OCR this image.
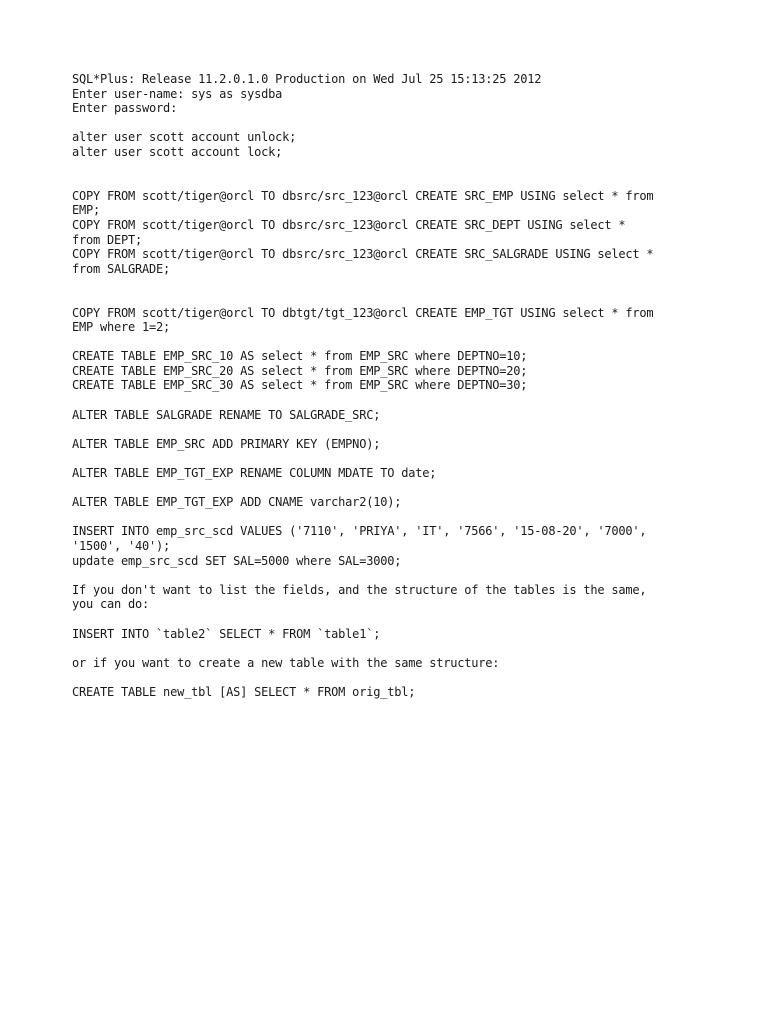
SQL*Plus: Release 11.2.0.1.0 Production on Wed Jul 25 15:13:25 2012
Enter user-name: sys as sysdba
Enter password:
alter user scott account unlock;
alter user scott account lock;
COPY FROM scott/tiger@orcl TO dbsrc/src_123@orcl CREATE SRC_EMP USING select * from
EMP;
COPY FROM scott/tiger@orcl TO dbsrc/src_123@orcl CREATE SRC_DEPT USING select *
from DEPT;
COPY FROM scott/tiger@orcl TO dbsrc/src_123@orcl CREATE SRC_SALGRADE USING select *
from SALGRADE;
COPY FROM scott/tiger@orcl TO dbtgt/tgt_123@orcl CREATE EMP_TGT USING select * from
EMP where 1=2;
CREATE TABLE EMP_SRC_10 AS select * from EMP_SRC where DEPTNO=10;
CREATE TABLE EMP_SRC_20 AS select * from EMP_SRC where DEPTNO=20;
CREATE TABLE EMP_SRC_30 AS select * from EMP_SRC where DEPTNO=30;
ALTER TABLE SALGRADE RENAME TO SALGRADE_SRC;
ALTER TABLE EMP_SRC ADD PRIMARY KEY (EMPNO);
ALTER TABLE EMP_TGT_EXP RENAME COLUMN MDATE TO date;
ALTER TABLE EMP_TGT_EXP ADD CNAME varchar2(10);
INSERT INTO emp_src_scd VALUES ('7110', 'PRIYA', 'IT', '7566', '15-08-20', '7000',
'1500', '40');
update emp_src_scd SET SAL=5000 where SAL=3000;
If you don't want to list the fields, and the structure of the tables is the same,
you can do:
INSERT INTO `table2` SELECT * FROM `table1`;
or if you want to create a new table with the same structure:
CREATE TABLE new_tbl [AS] SELECT * FROM orig_tbl;
